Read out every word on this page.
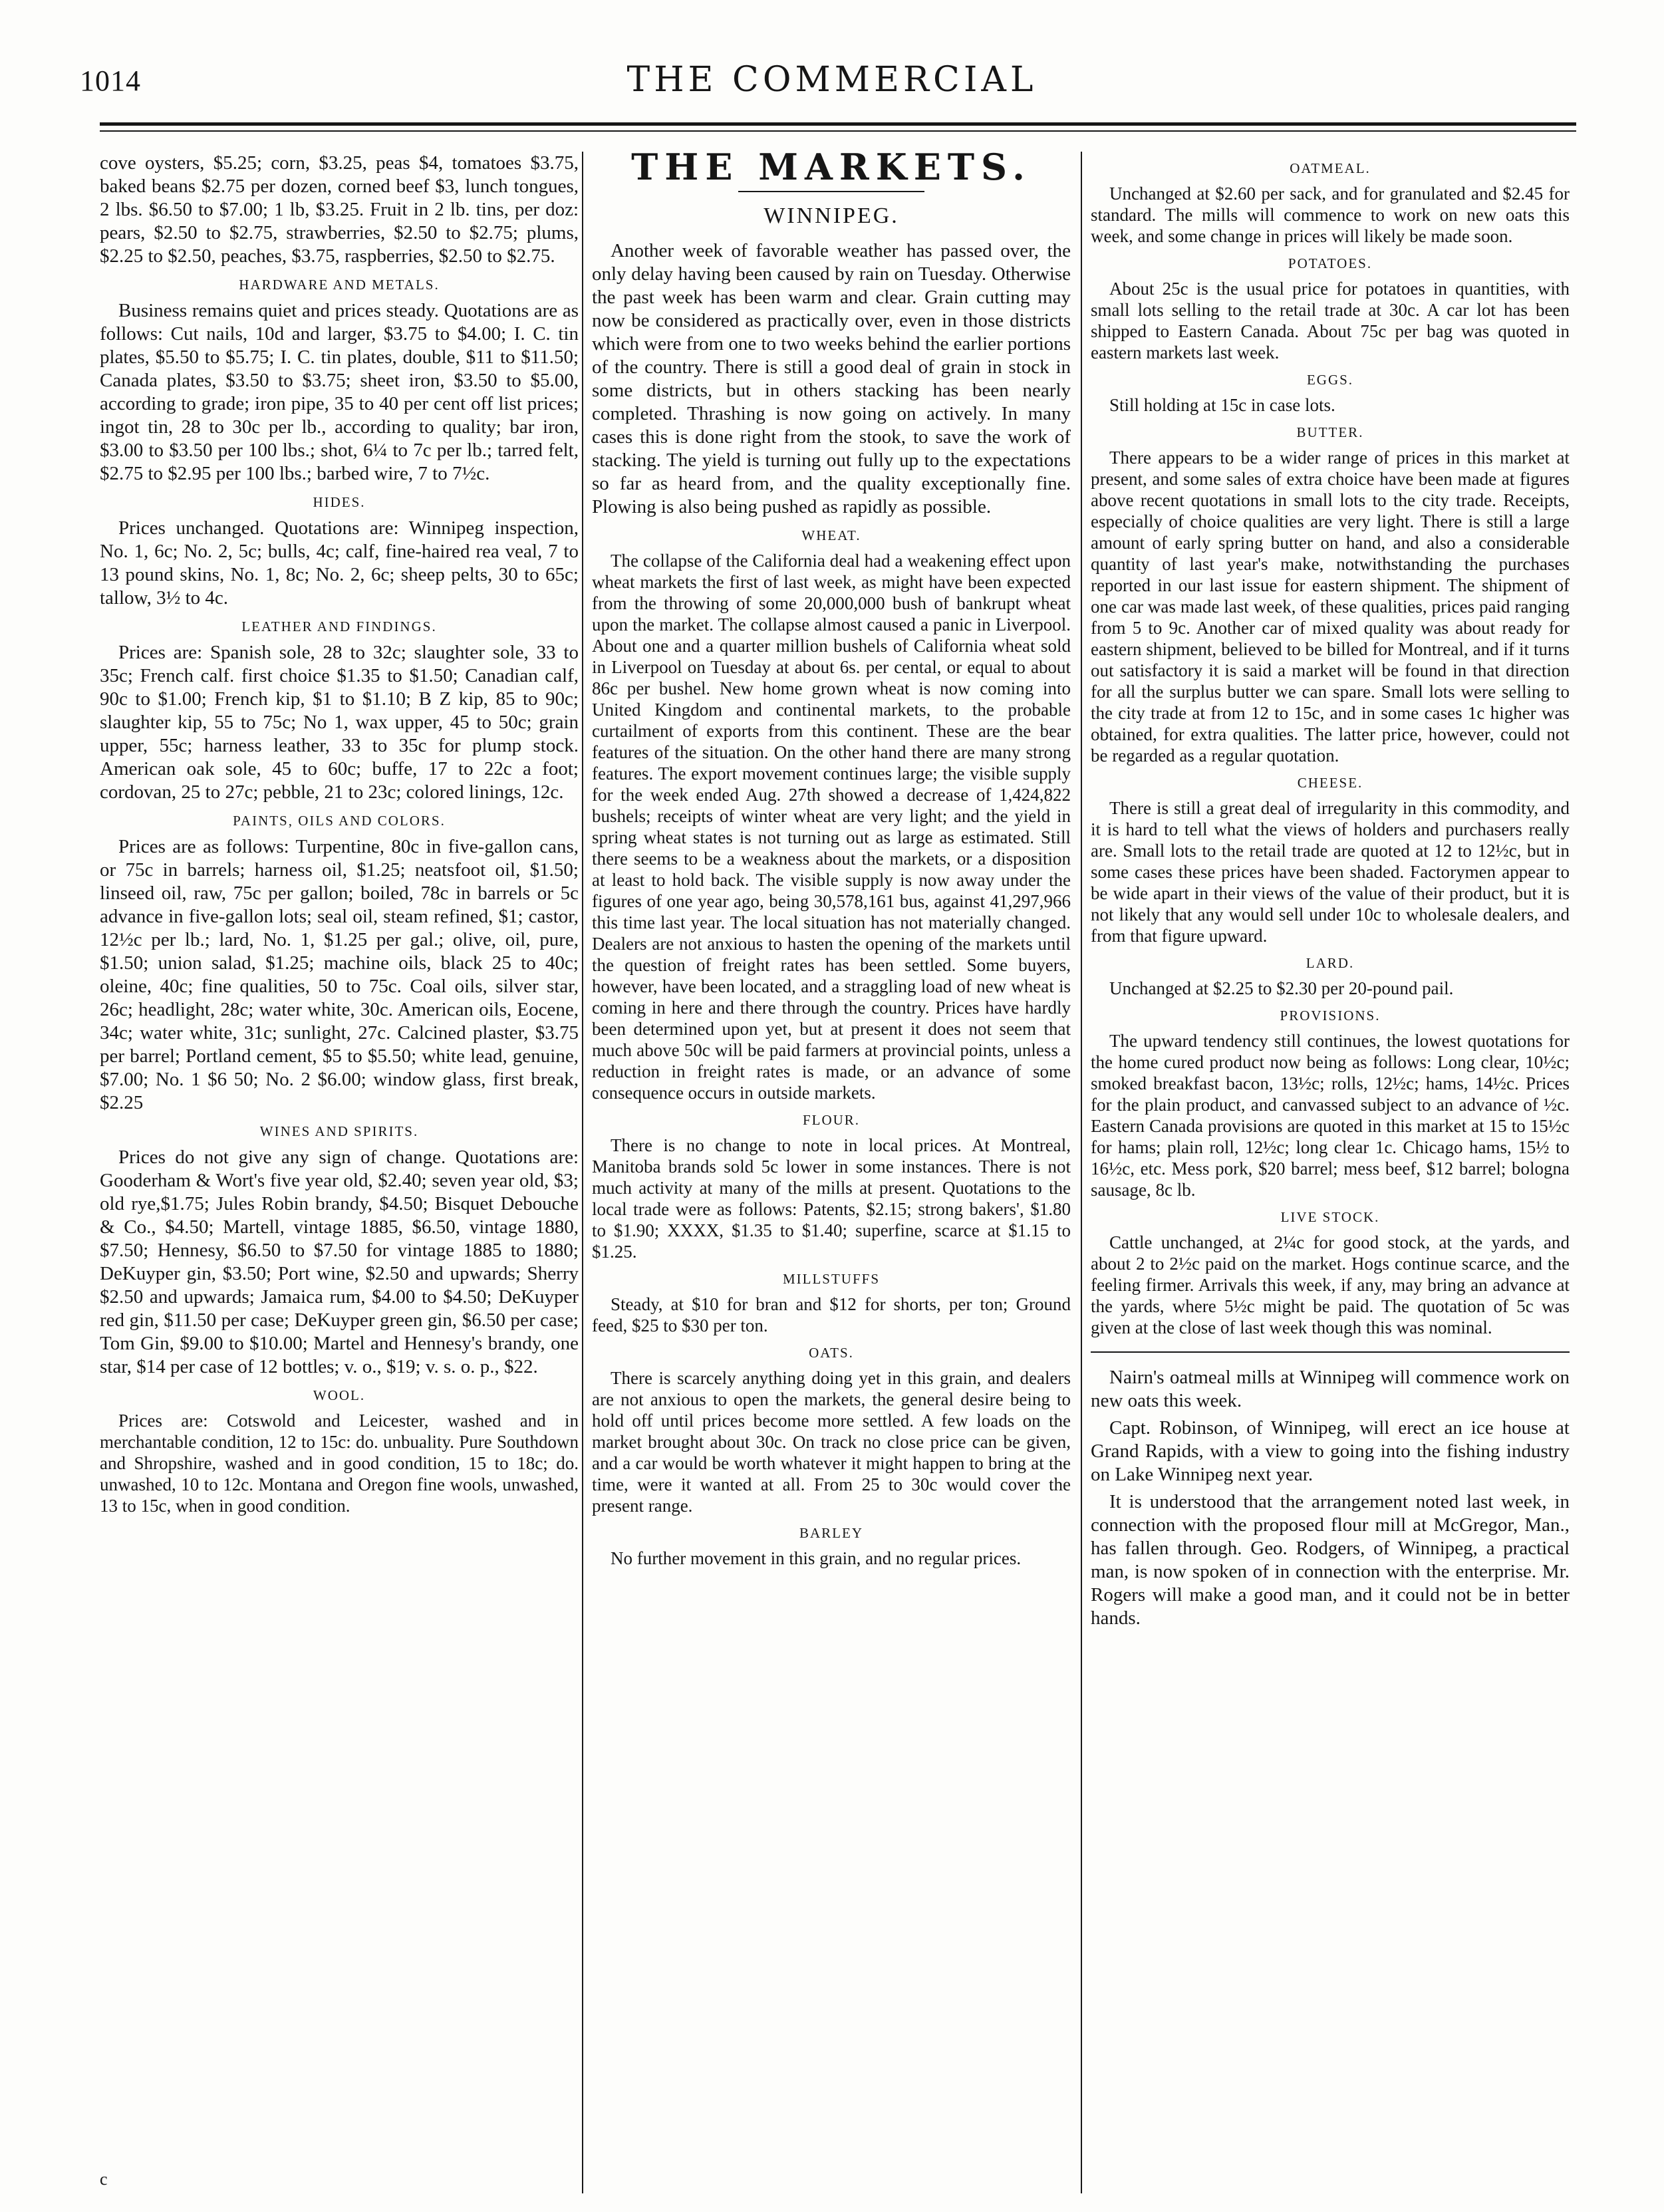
1014	THE COMMERCIAL

cove oysters, $5.25; corn, $3.25, peas $4, tomatoes $3.75, baked beans $2.75 per dozen, corned beef $3, lunch tongues, 2 lbs. $6.50 to $7.00; 1 lb, $3.25. Fruit in 2 lb. tins, per doz: pears, $2.50 to $2.75, strawberries, $2.50 to $2.75; plums, $2.25 to $2.50, peaches, $3.75, raspberries, $2.50 to $2.75.

HARDWARE AND METALS.

Business remains quiet and prices steady. Quotations are as follows: Cut nails, 10d and larger, $3.75 to $4.00; I. C. tin plates, $5.50 to $5.75; I. C. tin plates, double, $11 to $11.50; Canada plates, $3.50 to $3.75; sheet iron, $3.50 to $5.00, according to grade; iron pipe, 35 to 40 per cent off list prices; ingot tin, 28 to 30c per lb., according to quality; bar iron, $3.00 to $3.50 per 100 lbs.; shot, 6¼ to 7c per lb.; tarred felt, $2.75 to $2.95 per 100 lbs.; barbed wire, 7 to 7½c.

HIDES.

Prices unchanged. Quotations are: Winnipeg inspection, No. 1, 6c; No. 2, 5c; bulls, 4c; calf, fine-haired rea veal, 7 to 13 pound skins, No. 1, 8c; No. 2, 6c; sheep pelts, 30 to 65c; tallow, 3½ to 4c.

LEATHER AND FINDINGS.

Prices are: Spanish sole, 28 to 32c; slaughter sole, 33 to 35c; French calf. first choice $1.35 to $1.50; Canadian calf, 90c to $1.00; French kip, $1 to $1.10; B Z kip, 85 to 90c; slaughter kip, 55 to 75c; No 1, wax upper, 45 to 50c; grain upper, 55c; harness leather, 33 to 35c for plump stock. American oak sole, 45 to 60c; buffe, 17 to 22c a foot; cordovan, 25 to 27c; pebble, 21 to 23c; colored linings, 12c.

PAINTS, OILS AND COLORS.

Prices are as follows: Turpentine, 80c in five-gallon cans, or 75c in barrels; harness oil, $1.25; neatsfoot oil, $1.50; linseed oil, raw, 75c per gallon; boiled, 78c in barrels or 5c advance in five-gallon lots; seal oil, steam refined, $1; castor, 12½c per lb.; lard, No. 1, $1.25 per gal.; olive, oil, pure, $1.50; union salad, $1.25; machine oils, black 25 to 40c; oleine, 40c; fine qualities, 50 to 75c. Coal oils, silver star, 26c; headlight, 28c; water white, 30c. American oils, Eocene, 34c; water white, 31c; sunlight, 27c. Calcined plaster, $3.75 per barrel; Portland cement, $5 to $5.50; white lead, genuine, $7.00; No. 1 $6 50; No. 2 $6.00; window glass, first break, $2.25

WINES AND SPIRITS.

Prices do not give any sign of change. Quotations are: Gooderham & Wort's five year old, $2.40; seven year old, $3; old rye,$1.75; Jules Robin brandy, $4.50; Bisquet Debouche & Co., $4.50; Martell, vintage 1885, $6.50, vintage 1880, $7.50; Hennesy, $6.50 to $7.50 for vintage 1885 to 1880; DeKuyper gin, $3.50; Port wine, $2.50 and upwards; Sherry $2.50 and upwards; Jamaica rum, $4.00 to $4.50; DeKuyper red gin, $11.50 per case; DeKuyper green gin, $6.50 per case; Tom Gin, $9.00 to $10.00; Martel and Hennesy's brandy, one star, $14 per case of 12 bottles; v. o., $19; v. s. o. p., $22.

WOOL.

Prices are: Cotswold and Leicester, washed and in merchantable condition, 12 to 15c: do. unbuality. Pure Southdown and Shropshire, washed and in good condition, 15 to 18c; do. unwashed, 10 to 12c. Montana and Oregon fine wools, unwashed, 13 to 15c, when in good condition.

c
THE MARKETS.
WINNIPEG.

Another week of favorable weather has passed over, the only delay having been caused by rain on Tuesday. Otherwise the past week has been warm and clear. Grain cutting may now be considered as practically over, even in those districts which were from one to two weeks behind the earlier portions of the country. There is still a good deal of grain in stock in some districts, but in others stacking has been nearly completed. Thrashing is now going on actively. In many cases this is done right from the stook, to save the work of stacking. The yield is turning out fully up to the expectations so far as heard from, and the quality exceptionally fine. Plowing is also being pushed as rapidly as possible.

WHEAT.

The collapse of the California deal had a weakening effect upon wheat markets the first of last week, as might have been expected from the throwing of some 20,000,000 bush of bankrupt wheat upon the market. The collapse almost caused a panic in Liverpool. About one and a quarter million bushels of California wheat sold in Liverpool on Tuesday at about 6s. per cental, or equal to about 86c per bushel. New home grown wheat is now coming into United Kingdom and continental markets, to the probable curtailment of exports from this continent. These are the bear features of the situation. On the other hand there are many strong features. The export movement continues large; the visible supply for the week ended Aug. 27th showed a decrease of 1,424,822 bushels; receipts of winter wheat are very light; and the yield in spring wheat states is not turning out as large as estimated. Still there seems to be a weakness about the markets, or a disposition at least to hold back. The visible supply is now away under the figures of one year ago, being 30,578,161 bus, against 41,297,966 this time last year. The local situation has not materially changed. Dealers are not anxious to hasten the opening of the markets until the question of freight rates has been settled. Some buyers, however, have been located, and a straggling load of new wheat is coming in here and there through the country. Prices have hardly been determined upon yet, but at present it does not seem that much above 50c will be paid farmers at provincial points, unless a reduction in freight rates is made, or an advance of some consequence occurs in outside markets.

FLOUR.

There is no change to note in local prices. At Montreal, Manitoba brands sold 5c lower in some instances. There is not much activity at many of the mills at present. Quotations to the local trade were as follows: Patents, $2.15; strong bakers', $1.80 to $1.90; XXXX, $1.35 to $1.40; superfine, scarce at $1.15 to $1.25.

MILLSTUFFS

Steady, at $10 for bran and $12 for shorts, per ton; Ground feed, $25 to $30 per ton.

OATS.

There is scarcely anything doing yet in this grain, and dealers are not anxious to open the markets, the general desire being to hold off until prices become more settled. A few loads on the market brought about 30c. On track no close price can be given, and a car would be worth whatever it might happen to bring at the time, were it wanted at all. From 25 to 30c would cover the present range.

BARLEY

No further movement in this grain, and no regular prices.

OATMEAL.

Unchanged at $2.60 per sack, and for granulated and $2.45 for standard. The mills will commence to work on new oats this week, and some change in prices will likely be made soon.

POTATOES.

About 25c is the usual price for potatoes in quantities, with small lots selling to the retail trade at 30c. A car lot has been shipped to Eastern Canada. About 75c per bag was quoted in eastern markets last week.

EGGS.

Still holding at 15c in case lots.

BUTTER.

There appears to be a wider range of prices in this market at present, and some sales of extra choice have been made at figures above recent quotations in small lots to the city trade. Receipts, especially of choice qualities are very light. There is still a large amount of early spring butter on hand, and also a considerable quantity of last year's make, notwithstanding the purchases reported in our last issue for eastern shipment. The shipment of one car was made last week, of these qualities, prices paid ranging from 5 to 9c. Another car of mixed quality was about ready for eastern shipment, believed to be billed for Montreal, and if it turns out satisfactory it is said a market will be found in that direction for all the surplus butter we can spare. Small lots were selling to the city trade at from 12 to 15c, and in some cases 1c higher was obtained, for extra qualities. The latter price, however, could not be regarded as a regular quotation.

CHEESE.

There is still a great deal of irregularity in this commodity, and it is hard to tell what the views of holders and purchasers really are. Small lots to the retail trade are quoted at 12 to 12½c, but in some cases these prices have been shaded. Factorymen appear to be wide apart in their views of the value of their product, but it is not likely that any would sell under 10c to wholesale dealers, and from that figure upward.

LARD.

Unchanged at $2.25 to $2.30 per 20-pound pail.

PROVISIONS.

The upward tendency still continues, the lowest quotations for the home cured product now being as follows: Long clear, 10½c; smoked breakfast bacon, 13½c; rolls, 12½c; hams, 14½c. Prices for the plain product, and canvassed subject to an advance of ½c. Eastern Canada provisions are quoted in this market at 15 to 15½c for hams; plain roll, 12½c; long clear 1c. Chicago hams, 15½ to 16½c, etc. Mess pork, $20 barrel; mess beef, $12 barrel; bologna sausage, 8c lb.

LIVE STOCK.

Cattle unchanged, at 2¼c for good stock, at the yards, and about 2 to 2½c paid on the market. Hogs continue scarce, and the feeling firmer. Arrivals this week, if any, may bring an advance at the yards, where 5½c might be paid. The quotation of 5c was given at the close of last week though this was nominal.

Nairn's oatmeal mills at Winnipeg will commence work on new oats this week.

Capt. Robinson, of Winnipeg, will erect an ice house at Grand Rapids, with a view to going into the fishing industry on Lake Winnipeg next year.

It is understood that the arrangement noted last week, in connection with the proposed flour mill at McGregor, Man., has fallen through. Geo. Rodgers, of Winnipeg, a practical man, is now spoken of in connection with the enterprise. Mr. Rogers will make a good man, and it could not be in better hands.
